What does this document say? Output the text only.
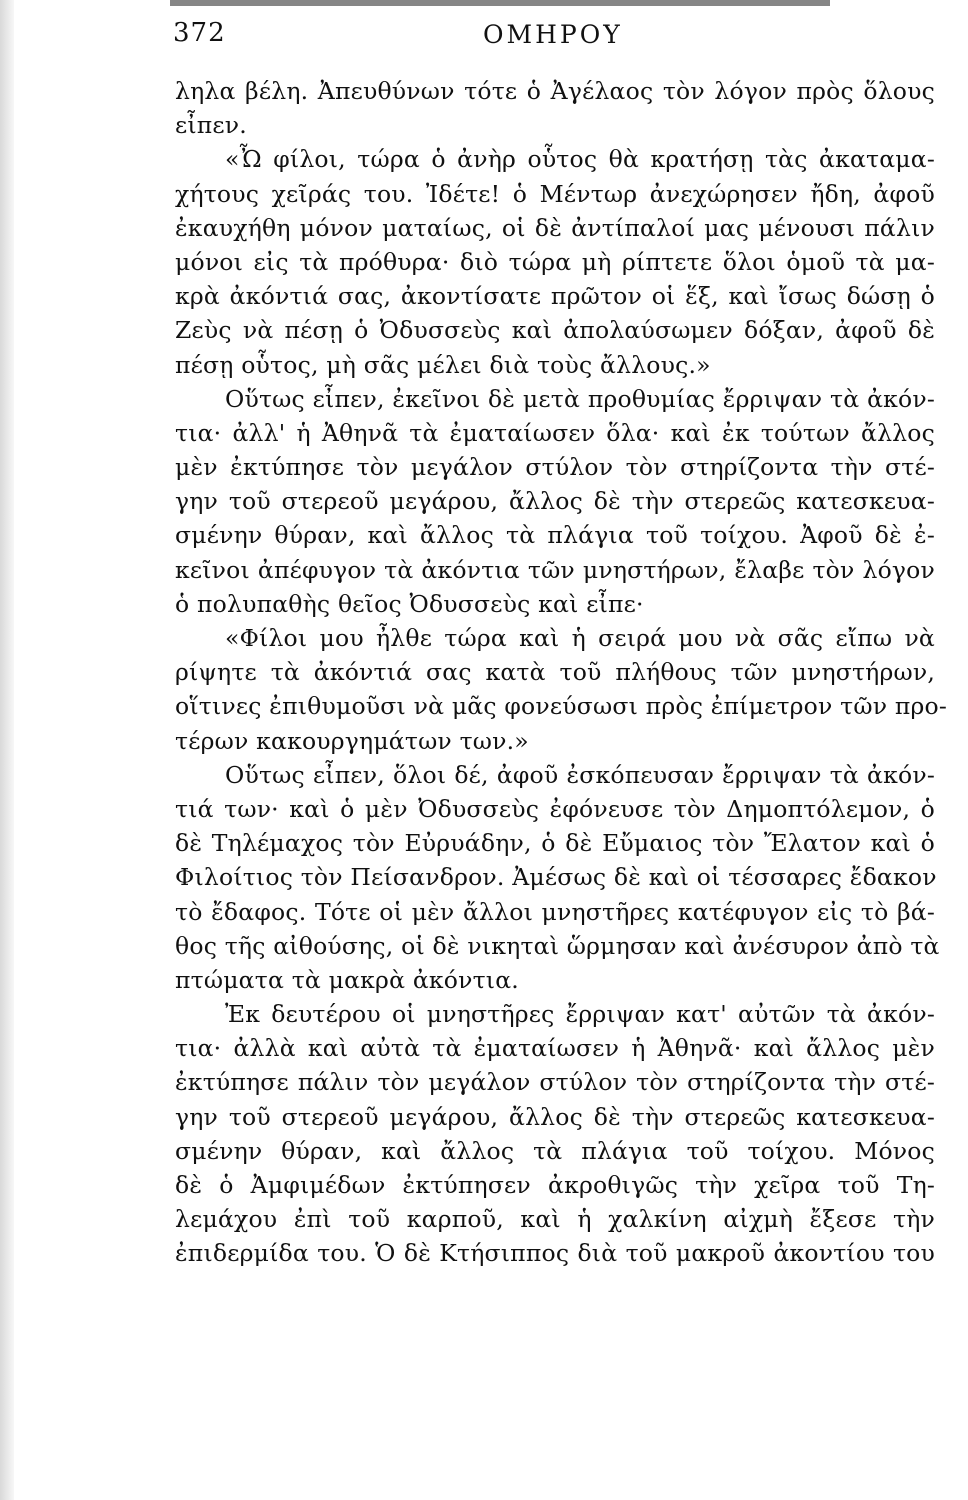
372	ΟΜΗΡΟΥ
ληλα βέλη. Ἀπευθύνων τότε ὁ Ἀγέλαος τὸν λόγον πρὸς ὅλους
εἶπεν.
«Ὦ φίλοι, τώρα ὁ ἀνὴρ οὗτος θὰ κρατήσῃ τὰς ἀκαταμα-
χήτους χεῖράς του. Ἰδέτε! ὁ Μέντωρ ἀνεχώρησεν ἤδη, ἀφοῦ
ἐκαυχήθη μόνον ματαίως, οἱ δὲ ἀντίπαλοί μας μένουσι πάλιν
μόνοι εἰς τὰ πρόθυρα· διὸ τώρα μὴ ρίπτετε ὅλοι ὁμοῦ τὰ μα-
κρὰ ἀκόντιά σας, ἀκοντίσατε πρῶτον οἱ ἕξ, καὶ ἴσως δώσῃ ὁ
Ζεὺς νὰ πέσῃ ὁ Ὀδυσσεὺς καὶ ἀπολαύσωμεν δόξαν, ἀφοῦ δὲ
πέσῃ οὗτος, μὴ σᾶς μέλει διὰ τοὺς ἄλλους.»
Οὕτως εἶπεν, ἐκεῖνοι δὲ μετὰ προθυμίας ἔρριψαν τὰ ἀκόν-
τια· ἀλλ' ἡ Ἀθηνᾶ τὰ ἐματαίωσεν ὅλα· καὶ ἐκ τούτων ἄλλος
μὲν ἐκτύπησε τὸν μεγάλον στύλον τὸν στηρίζοντα τὴν στέ-
γην τοῦ στερεοῦ μεγάρου, ἄλλος δὲ τὴν στερεῶς κατεσκευα-
σμένην θύραν, καὶ ἄλλος τὰ πλάγια τοῦ τοίχου. Ἀφοῦ δὲ ἐ-
κεῖνοι ἀπέφυγον τὰ ἀκόντια τῶν μνηστήρων, ἔλαβε τὸν λόγον
ὁ πολυπαθὴς θεῖος Ὀδυσσεὺς καὶ εἶπε·
«Φίλοι μου ἦλθε τώρα καὶ ἡ σειρά μου νὰ σᾶς εἴπω νὰ
ρίψητε τὰ ἀκόντιά σας κατὰ τοῦ πλήθους τῶν μνηστήρων,
οἵτινες ἐπιθυμοῦσι νὰ μᾶς φονεύσωσι πρὸς ἐπίμετρον τῶν προ-
τέρων κακουργημάτων των.»
Οὕτως εἶπεν, ὅλοι δέ, ἀφοῦ ἐσκόπευσαν ἔρριψαν τὰ ἀκόν-
τιά των· καὶ ὁ μὲν Ὀδυσσεὺς ἐφόνευσε τὸν Δημοπτόλεμον, ὁ
δὲ Τηλέμαχος τὸν Εὐρυάδην, ὁ δὲ Εὔμαιος τὸν Ἔλατον καὶ ὁ
Φιλοίτιος τὸν Πείσανδρον. Ἀμέσως δὲ καὶ οἱ τέσσαρες ἔδακον
τὸ ἔδαφος. Τότε οἱ μὲν ἄλλοι μνηστῆρες κατέφυγον εἰς τὸ βά-
θος τῆς αἰθούσης, οἱ δὲ νικηταὶ ὥρμησαν καὶ ἀνέσυρον ἀπὸ τὰ
πτώματα τὰ μακρὰ ἀκόντια.
Ἐκ δευτέρου οἱ μνηστῆρες ἔρριψαν κατ' αὐτῶν τὰ ἀκόν-
τια· ἀλλὰ καὶ αὐτὰ τὰ ἐματαίωσεν ἡ Ἀθηνᾶ· καὶ ἄλλος μὲν
ἐκτύπησε πάλιν τὸν μεγάλον στύλον τὸν στηρίζοντα τὴν στέ-
γην τοῦ στερεοῦ μεγάρου, ἄλλος δὲ τὴν στερεῶς κατεσκευα-
σμένην θύραν, καὶ ἄλλος τὰ πλάγια τοῦ τοίχου. Μόνος
δὲ ὁ Ἀμφιμέδων ἐκτύπησεν ἀκροθιγῶς τὴν χεῖρα τοῦ Τη-
λεμάχου ἐπὶ τοῦ καρποῦ, καὶ ἡ χαλκίνη αἰχμὴ ἔξεσε τὴν
ἐπιδερμίδα του. Ὁ δὲ Κτήσιππος διὰ τοῦ μακροῦ ἀκοντίου του
